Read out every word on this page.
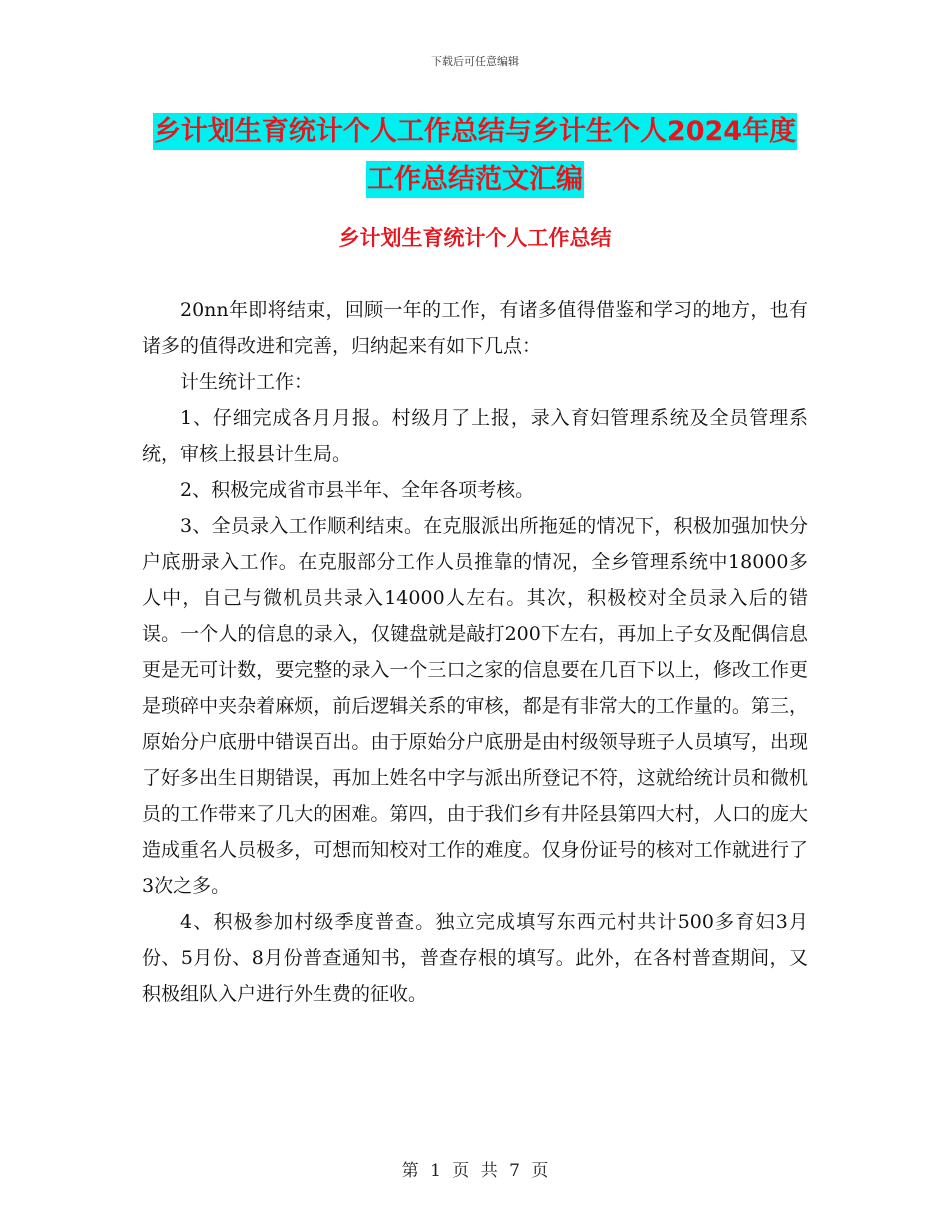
下载后可任意编辑
乡计划生育统计个人工作总结与乡计生个人2024年度
工作总结范文汇编
乡计划生育统计个人工作总结

20nn年即将结束，回顾一年的工作，有诸多值得借鉴和学习的地方，也有诸多的值得改进和完善，归纳起来有如下几点：

计生统计工作：

1、仔细完成各月月报。村级月了上报，录入育妇管理系统及全员管理系统，审核上报县计生局。

2、积极完成省市县半年、全年各项考核。

3、全员录入工作顺利结束。在克服派出所拖延的情况下，积极加强加快分户底册录入工作。在克服部分工作人员推靠的情况，全乡管理系统中18000多人中，自己与微机员共录入14000人左右。其次，积极校对全员录入后的错误。一个人的信息的录入，仅键盘就是敲打200下左右，再加上子女及配偶信息更是无可计数，要完整的录入一个三口之家的信息要在几百下以上，修改工作更是琐碎中夹杂着麻烦，前后逻辑关系的审核，都是有非常大的工作量的。第三，原始分户底册中错误百出。由于原始分户底册是由村级领导班子人员填写，出现了好多出生日期错误，再加上姓名中字与派出所登记不符，这就给统计员和微机员的工作带来了几大的困难。第四，由于我们乡有井陉县第四大村，人口的庞大造成重名人员极多，可想而知校对工作的难度。仅身份证号的核对工作就进行了3次之多。

4、积极参加村级季度普查。独立完成填写东西元村共计500多育妇3月份、5月份、8月份普查通知书，普查存根的填写。此外，在各村普查期间，又积极组队入户进行外生费的征收。

第 1 页 共 7 页
